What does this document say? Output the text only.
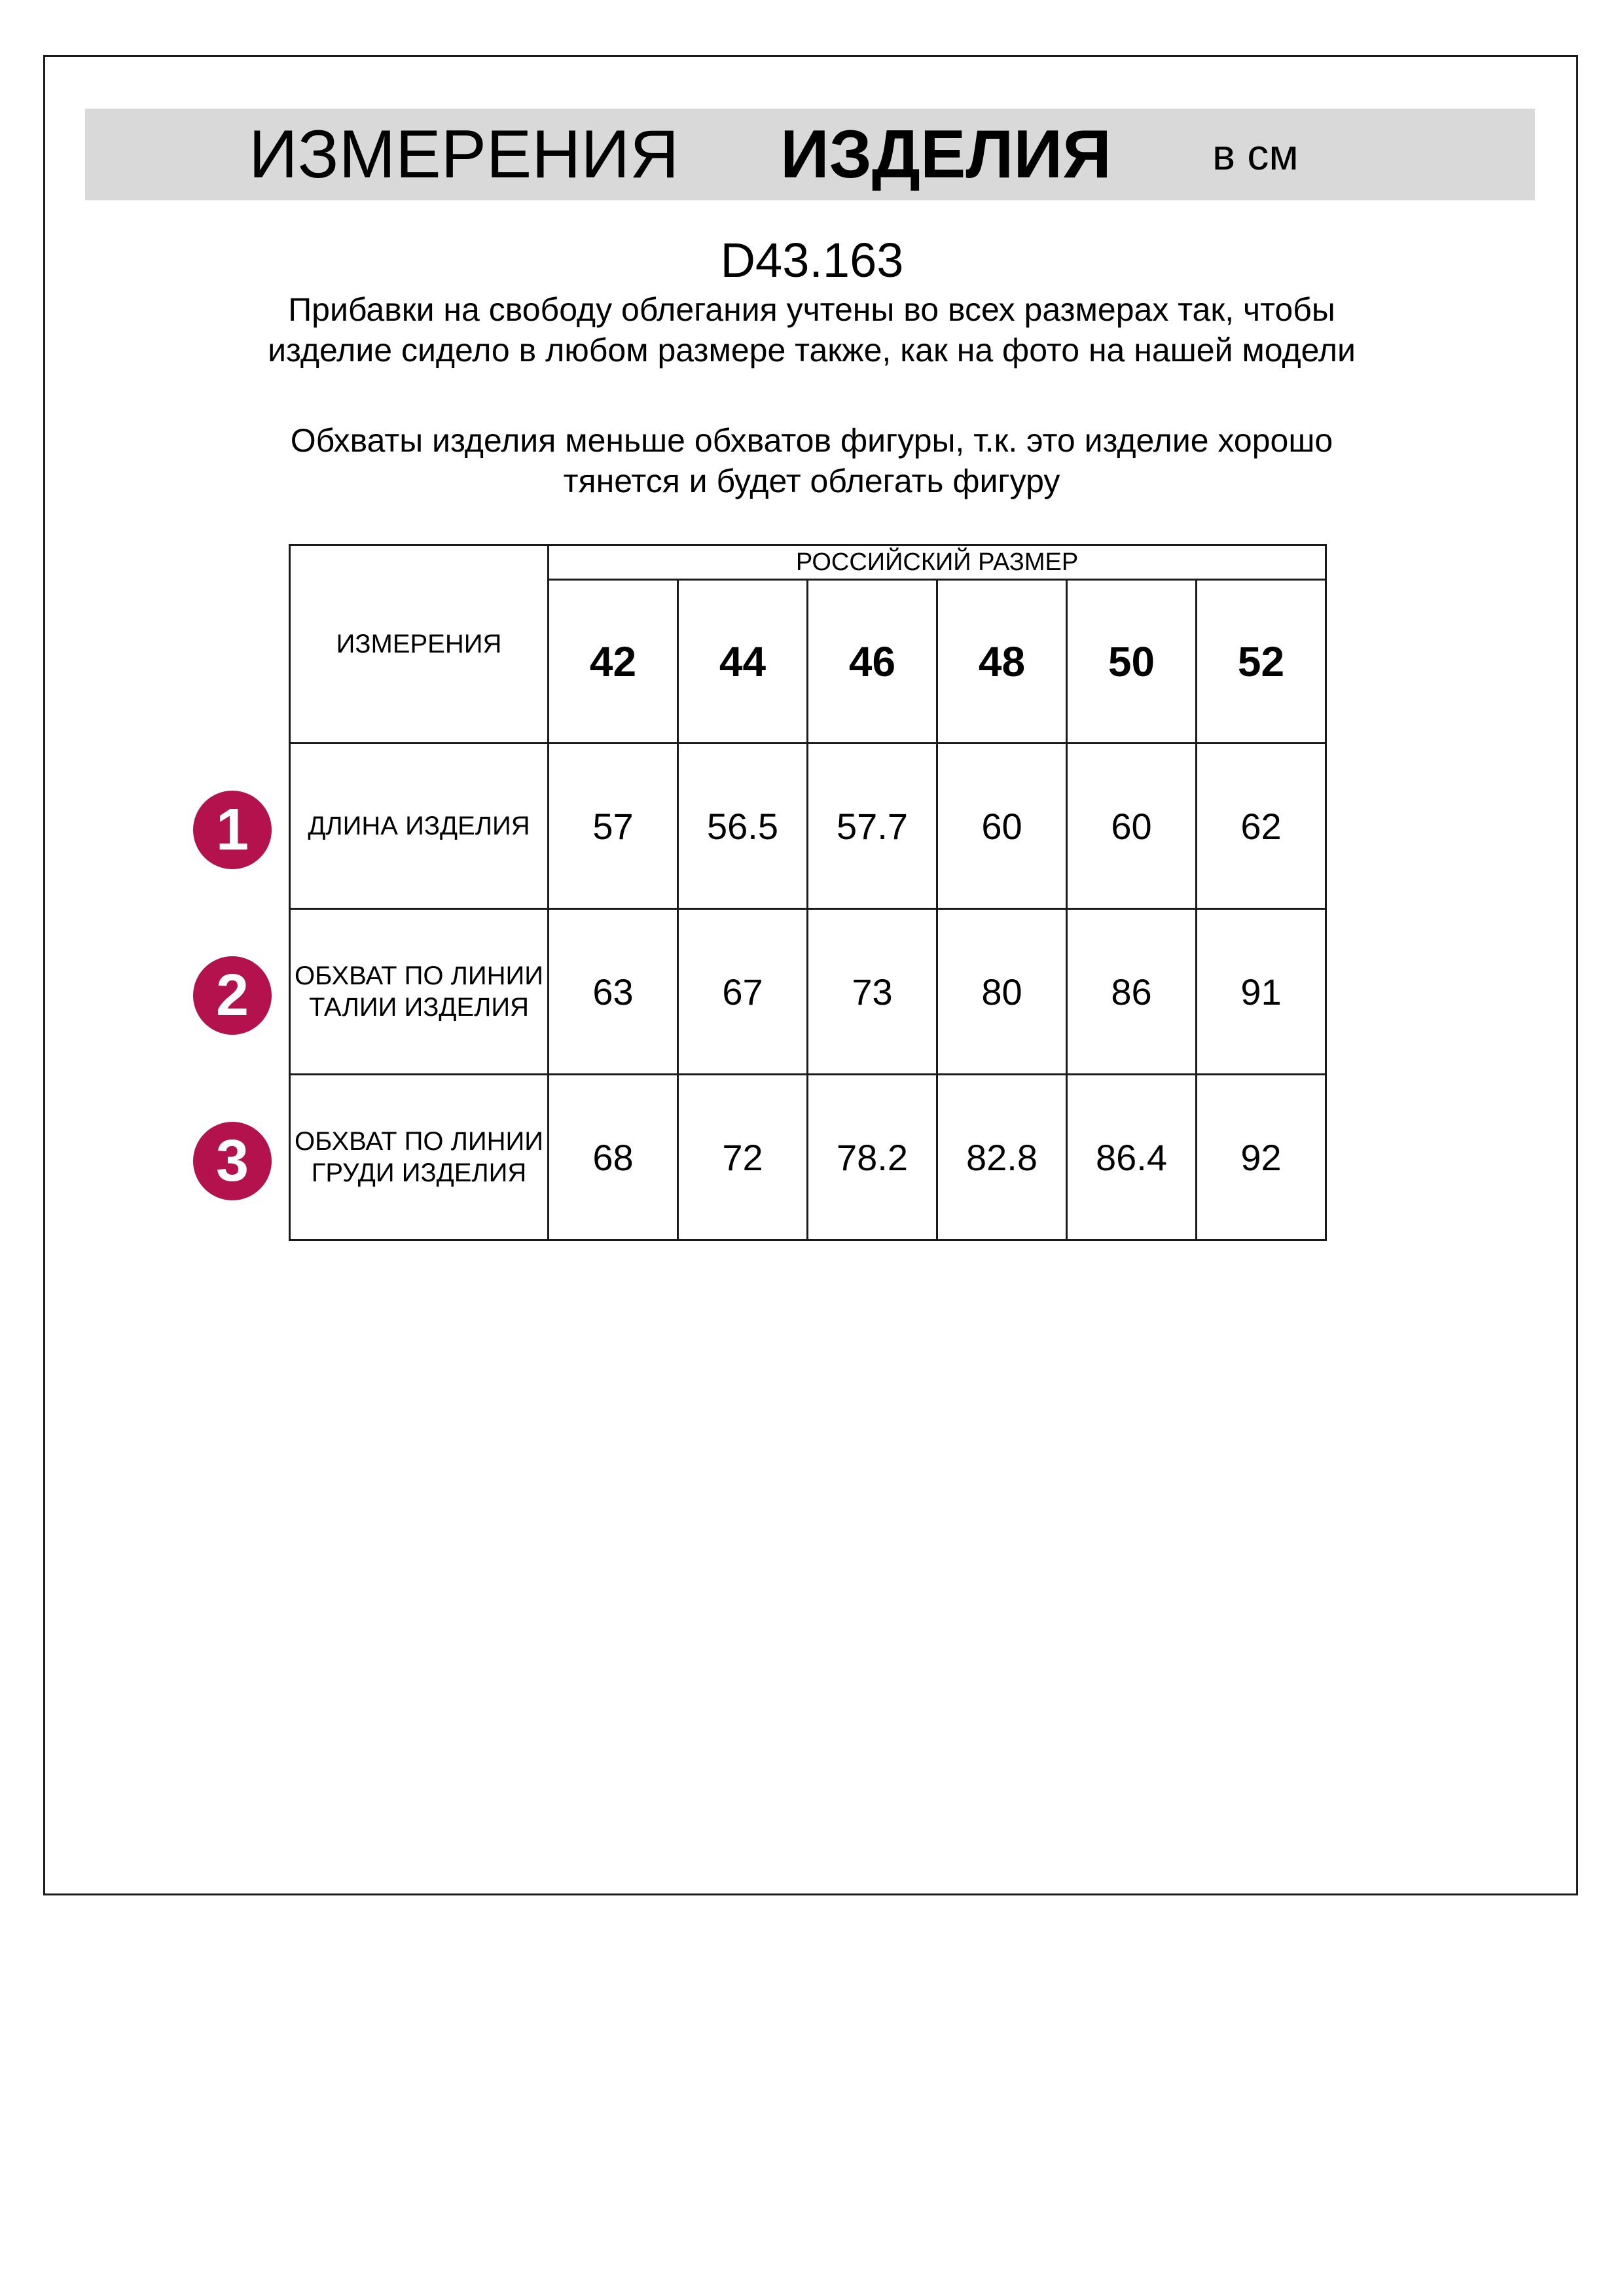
ИЗМЕРЕНИЯ ИЗДЕЛИЯ в см
D43.163
Прибавки на свободу облегания учтены во всех размерах так, чтобы изделие сидело в любом размере также, как на фото на нашей модели
Обхваты изделия меньше обхватов фигуры, т.к. это изделие хорошо тянется и будет облегать фигуру
1
2
3
ИЗМЕРЕНИЯ	РОССИЙСКИЙ РАЗМЕР					
	42	44	46	48	50	52
ДЛИНА ИЗДЕЛИЯ	57	56.5	57.7	60	60	62
ОБХВАТ ПО ЛИНИИ ТАЛИИ ИЗДЕЛИЯ	63	67	73	80	86	91
ОБХВАТ ПО ЛИНИИ ГРУДИ ИЗДЕЛИЯ	68	72	78.2	82.8	86.4	92
